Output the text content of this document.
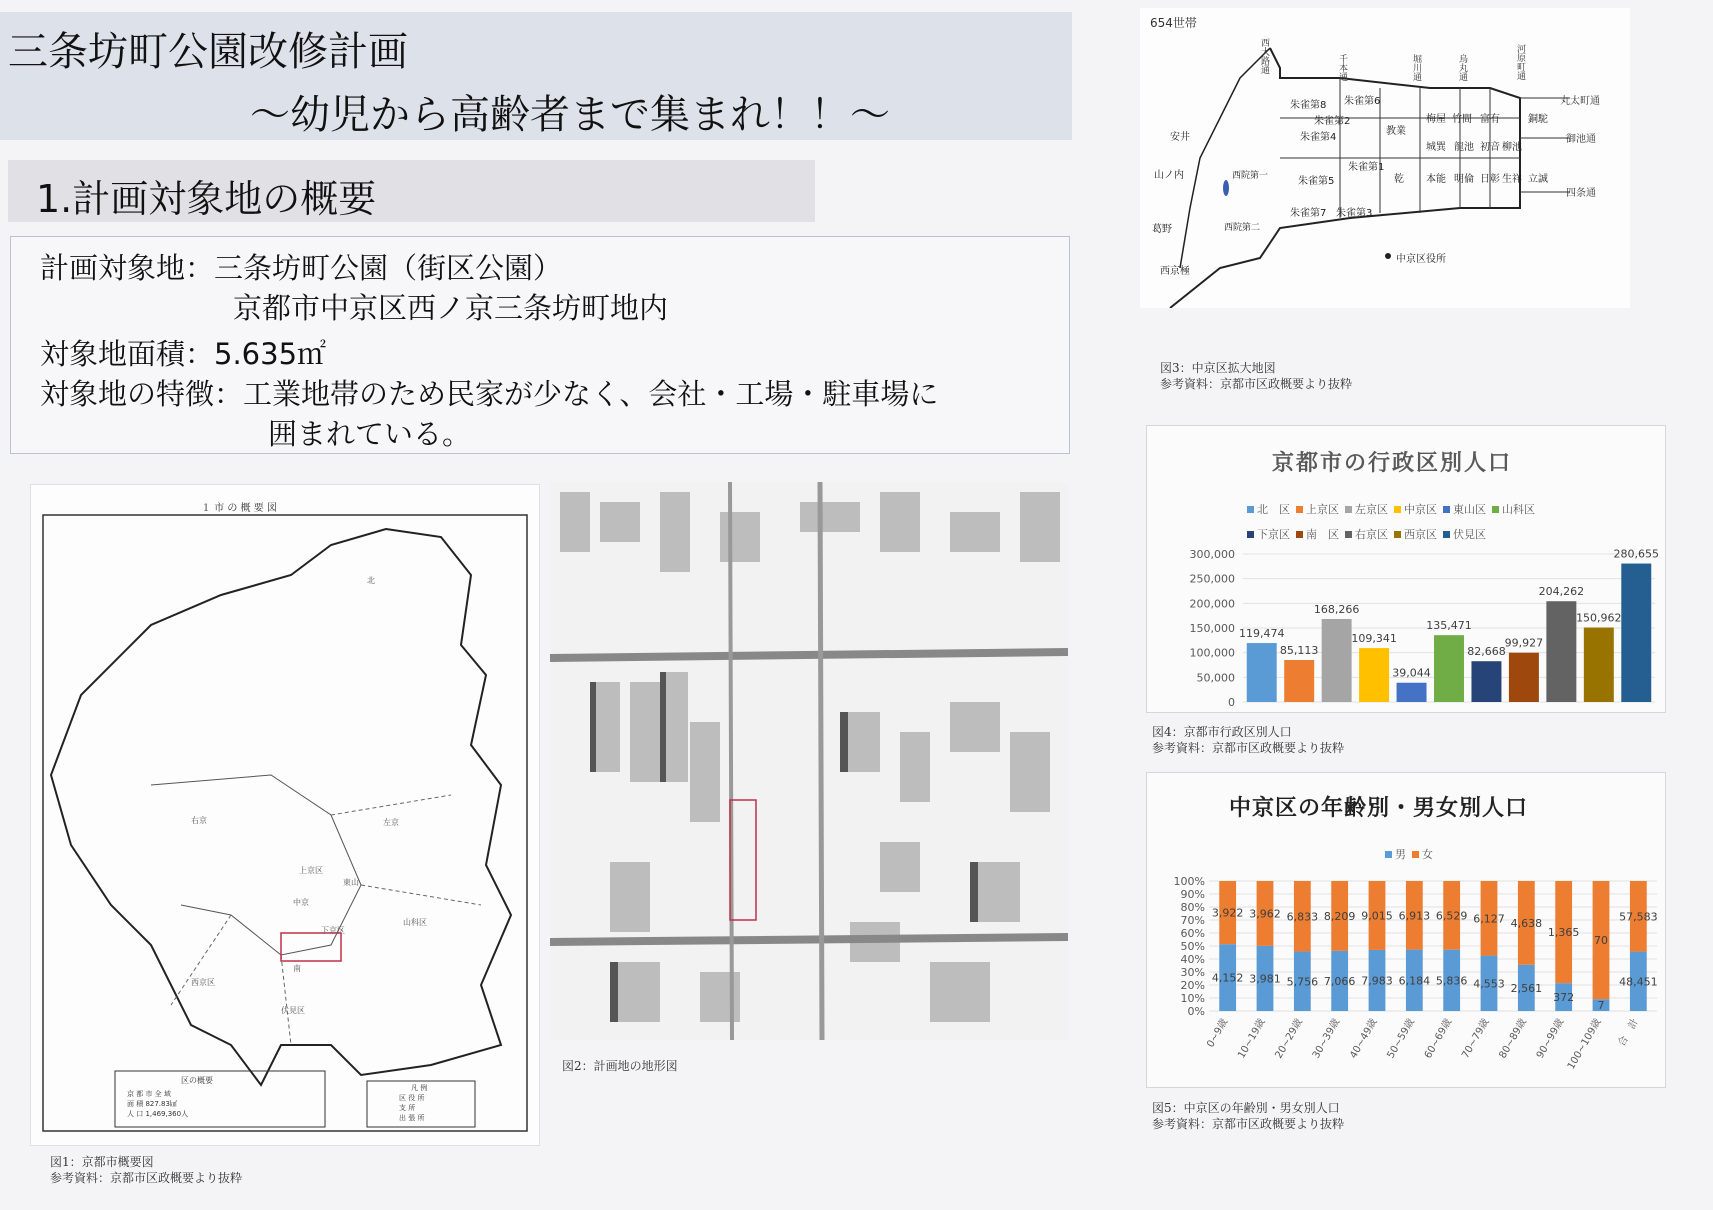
三条坊町公園改修計画
～幼児から高齢者まで集まれ！！～
1.計画対象地の概要
計画対象地：三条坊町公園（街区公園）
京都市中京区西ノ京三条坊町地内
対象地面積：5.635㎡
対象地の特徴：工業地帯のため民家が少なく、会社・工場・駐車場に
囲まれている。
１ 市 の 概 要 図
北
上京区
左京
中京
東山
山科区
下京区
南
右京
西京区
伏見区
区の概要
京 都 市 全 域
面 積 827.83㎢
人 口 1,469,360人
凡 例
区 役 所
支 所
出 張 所
図1：京都市概要図
参考資料：京都市区政概要より抜粋
図2：計画地の地形図
654世帯
西大路通	千本通	堀川通	烏丸通	河原町通
丸太町通
御池通
四条通
朱雀第8
朱雀第4
朱雀第2
朱雀第6
教業
梅屋 竹間 富有	銅駝
朱雀第1
城巽 龍池 初音 柳池
乾 本能 明倫 日彰 生祥 立誠
朱雀第5
朱雀第7 朱雀第3
安井
山ノ内	西院第一
葛野	西院第二
西京極
中京区役所
図3：中京区拡大地図
参考資料：京都市区政概要より抜粋
京都市の行政区別人口
北　区 上京区 左京区 中京区 東山区 山科区下京区 南　区 右京区 西京区 伏見区
0
50,000
100,000
150,000
200,000
250,000
300,000
119,474
85,113
168,266
109,341
39,044
135,471
82,668
99,927
204,262
150,962
280,655
図4：京都市行政区別人口
参考資料：京都市区政概要より抜粋
中京区の年齢別・男女別人口
男 女
0%
10%
20%
30%
40%
50%
60%
70%
80%
90%
100%
4,152
3,922
0~9歳
3,981
3,962
10~19歳
5,756
6,833
20~29歳
7,066
8,209
30~39歳
7,983
9,015
40~49歳
6,184
6,913
50~59歳
5,836
6,529
60~69歳
4,553
6,127
70~79歳
2,561
4,638
80~89歳
372
1,365
90~99歳
7
70
100~109歳
48,451
57,583
合　計
図5：中京区の年齢別・男女別人口
参考資料：京都市区政概要より抜粋
